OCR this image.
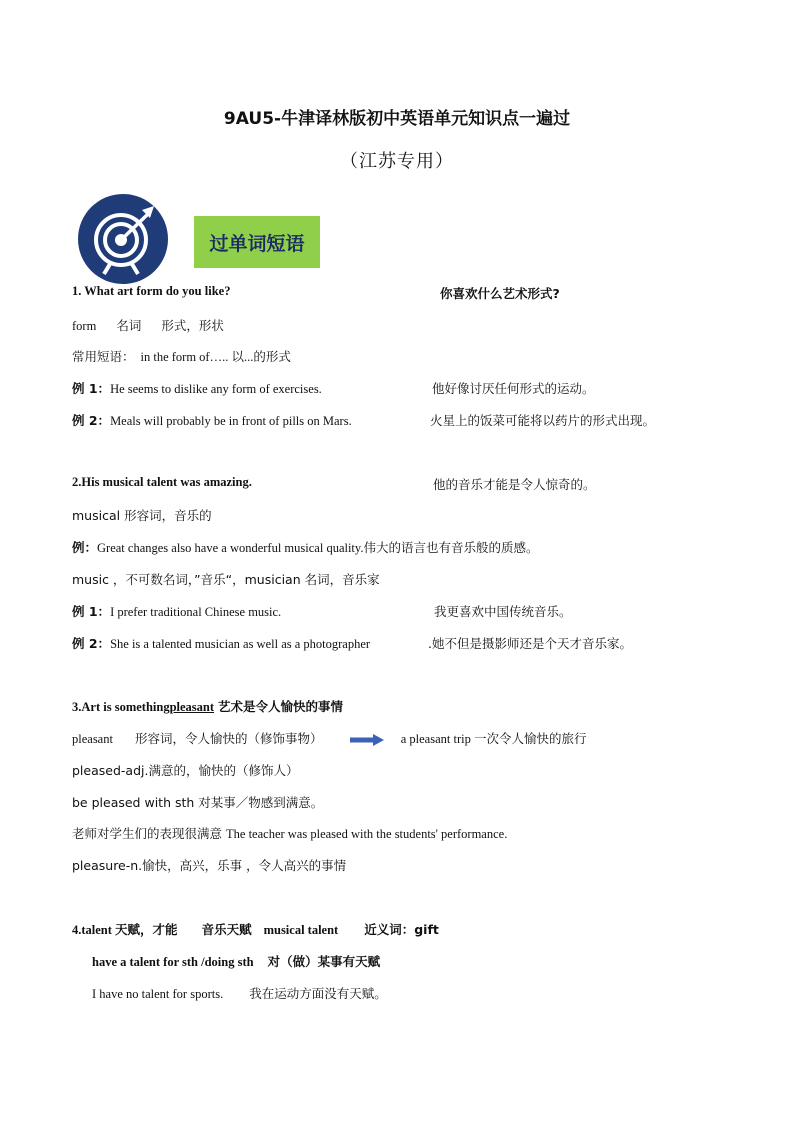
9AU5-牛津译林版初中英语单元知识点一遍过
（江苏专用）
过单词短语
1. What art form do you like?	你喜欢什么艺术形式?
form 名词 形式，形状
常用短语： in the form of….. 以...的形式
例 1：He seems to dislike any form of exercises.	他好像讨厌任何形式的运动。
例 2：Meals will probably be in front of pills on Mars.	火星上的饭菜可能将以药片的形式出现。
2.His musical talent was amazing.	他的音乐才能是令人惊奇的。
musical 形容词，音乐的
例：Great changes also have a wonderful musical quality.伟大的语言也有音乐般的质感。
music ，不可数名词，”音乐“，musician 名词，音乐家
例 1：I prefer traditional Chinese music.	我更喜欢中国传统音乐。
例 2：She is a talented musician as well as a photographer	.她不但是摄影师还是个天才音乐家。
3.Art is somethingpleasant 艺术是令人愉快的事情
pleasant 形容词，令人愉快的（修饰事物）	a pleasant trip 一次令人愉快的旅行
pleased-adj.满意的，愉快的（修饰人）
be pleased with sth 对某事／物感到满意。
老师对学生们的表现很满意 The teacher was pleased with the students' performance.
pleasure-n.愉快，高兴，乐事 ，令人高兴的事情
4.talent 天赋，才能 音乐天赋 musical talent 近义词：gift
have a talent for sth /doing sth 对（做）某事有天赋
I have no talent for sports. 我在运动方面没有天赋。
